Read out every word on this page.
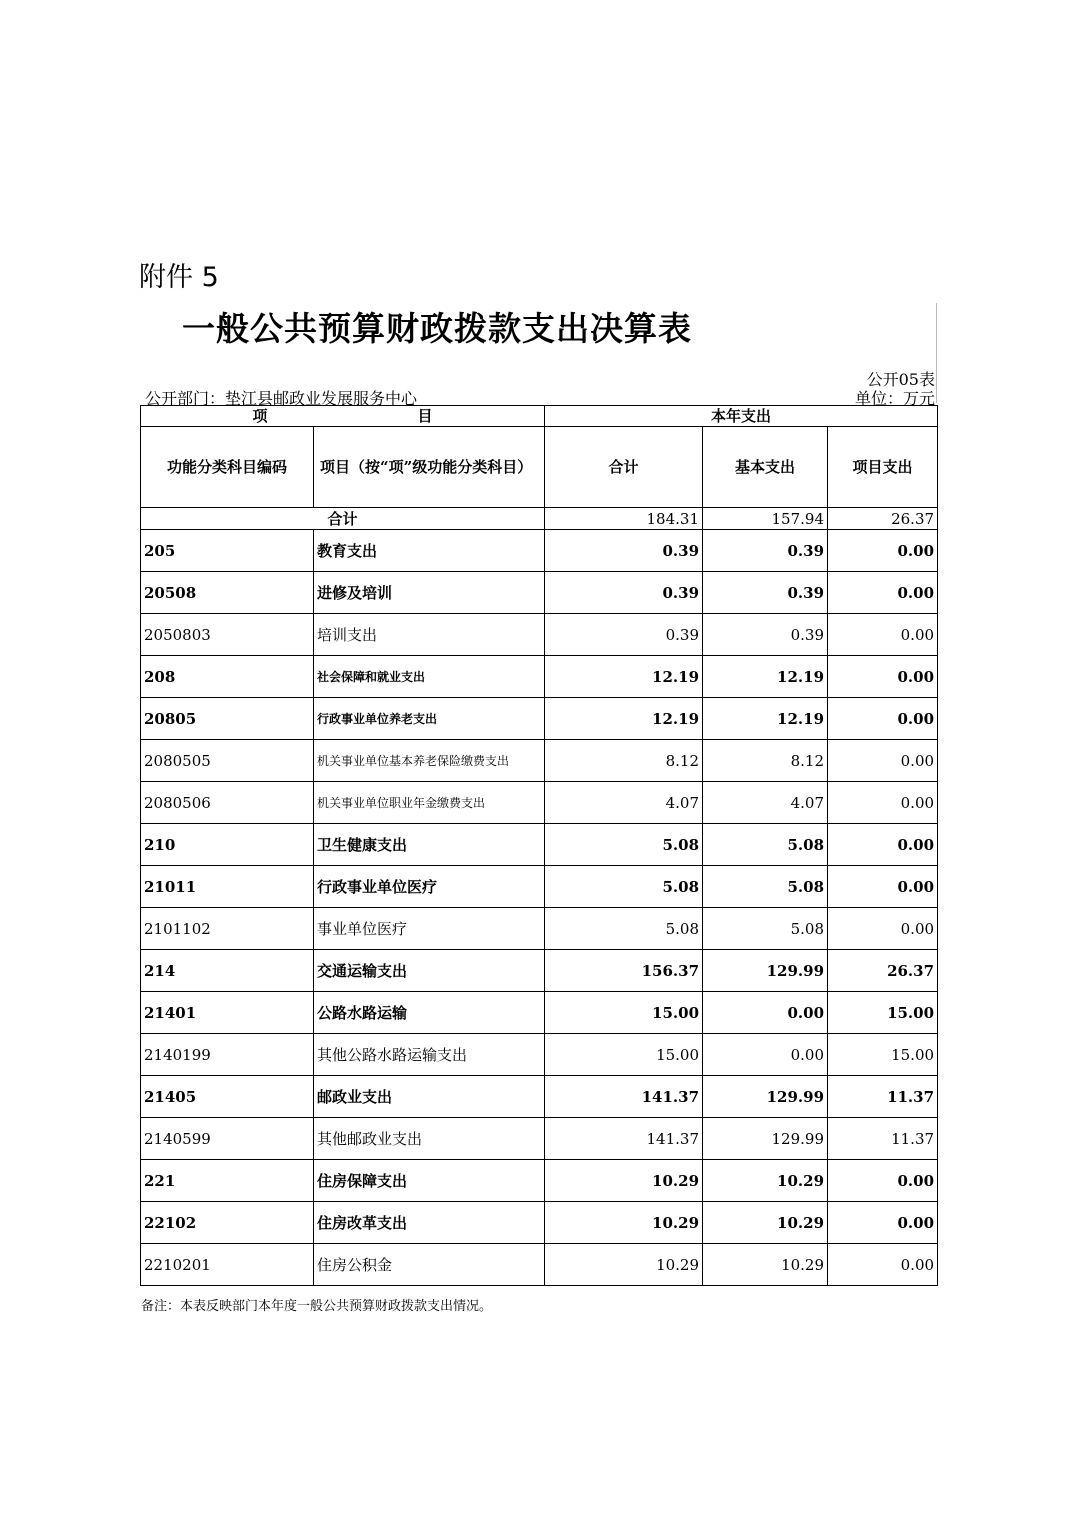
附件 5
一般公共预算财政拨款支出决算表
公开05表
公开部门：垫江县邮政业发展服务中心	单位：万元
项　　　　　　　　　　目		本年支出		
功能分类科目编码	项目（按“项”级功能分类科目）	合计	基本支出	项目支出
合计		184.31	157.94	26.37
205	教育支出	0.39	0.39	0.00
20508	进修及培训	0.39	0.39	0.00
2050803	培训支出	0.39	0.39	0.00
208	社会保障和就业支出	12.19	12.19	0.00
20805	行政事业单位养老支出	12.19	12.19	0.00
2080505	机关事业单位基本养老保险缴费支出	8.12	8.12	0.00
2080506	机关事业单位职业年金缴费支出	4.07	4.07	0.00
210	卫生健康支出	5.08	5.08	0.00
21011	行政事业单位医疗	5.08	5.08	0.00
2101102	事业单位医疗	5.08	5.08	0.00
214	交通运输支出	156.37	129.99	26.37
21401	公路水路运输	15.00	0.00	15.00
2140199	其他公路水路运输支出	15.00	0.00	15.00
21405	邮政业支出	141.37	129.99	11.37
2140599	其他邮政业支出	141.37	129.99	11.37
221	住房保障支出	10.29	10.29	0.00
22102	住房改革支出	10.29	10.29	0.00
2210201	住房公积金	10.29	10.29	0.00
备注：本表反映部门本年度一般公共预算财政拨款支出情况。
